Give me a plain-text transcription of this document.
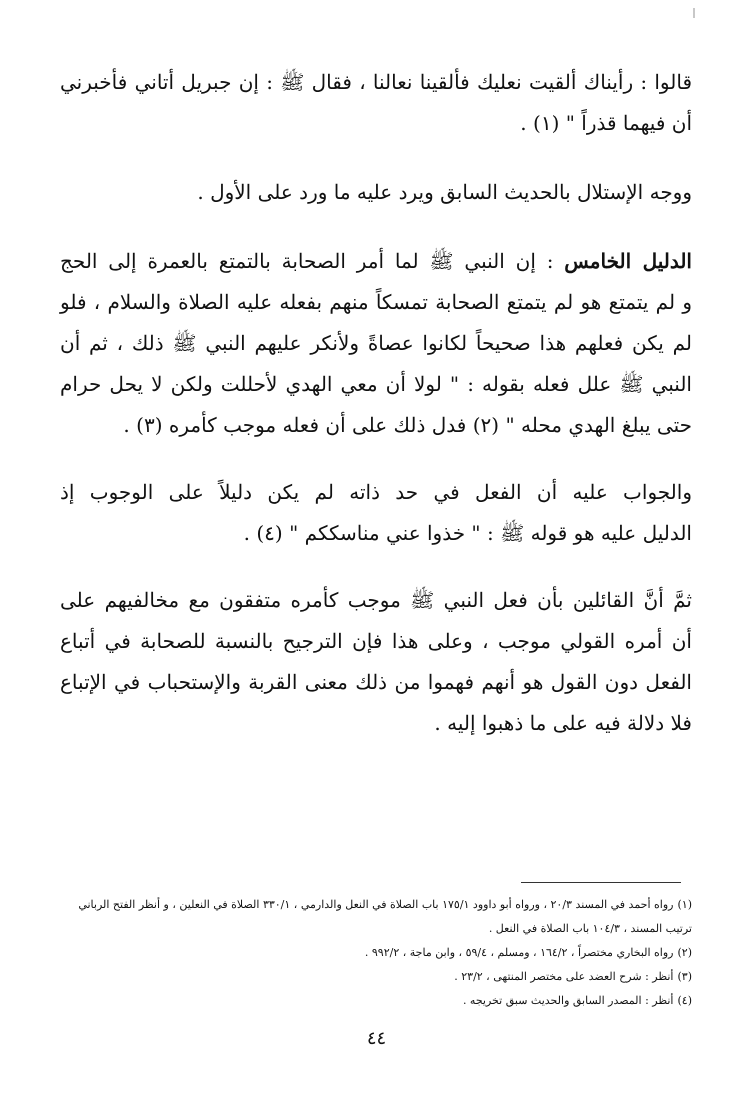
قالوا : رأيناك ألقيت نعليك فألقينا نعالنا ، فقال ﷺ : إن جبريل أتاني فأخبرني
أن فيهما قذراً " (١) .

ووجه الإستلال بالحديث السابق ويرد عليه ما ورد على الأول .

الدليل الخامس : إن النبي ﷺ لما أمر الصحابة بالتمتع بالعمرة إلى الحج
و لم يتمتع هو لم يتمتع الصحابة تمسكاً منهم بفعله عليه الصلاة والسلام ، فلو
لم يكن فعلهم هذا صحيحاً لكانوا عصاةً ولأنكر عليهم النبي ﷺ ذلك ، ثم أن
النبي ﷺ علل فعله بقوله : " لولا أن معي الهدي لأحللت ولكن لا يحل حرام
حتى يبلغ الهدي محله " (٢) فدل ذلك على أن فعله موجب كأمره (٣) .

والجواب عليه أن الفعل في حد ذاته لم يكن دليلاً على الوجوب إذ
الدليل عليه هو قوله ﷺ : " خذوا عني مناسككم " (٤) .

ثمَّ أنَّ القائلين بأن فعل النبي ﷺ موجب كأمره متفقون مع مخالفيهم على
أن أمره القولي موجب ، وعلى هذا فإن الترجيح بالنسبة للصحابة في أتباع
الفعل دون القول هو أنهم فهموا من ذلك معنى القربة والإستحباب في الإتباع
فلا دلالة فيه على ما ذهبوا إليه .

(١)رواه أحمد في المسند ٢٠/٣ ، ورواه أبو داوود ١٧٥/١ باب الصلاة في النعل والدارمي ، ٣٣٠/١ الصلاة في النعلين ، و أنظر الفتح الرباني
ترتيب المسند ، ١٠٤/٣ باب الصلاة في النعل .
(٢)رواه البخاري مختصراً ، ١٦٤/٢ ، ومسلم ، ٥٩/٤ ، وابن ماجة ، ٩٩٢/٢ .
(٣)أنظر : شرح العضد على مختصر المنتهى ، ٢٣/٢ .
(٤)أنظر : المصدر السابق والحديث سبق تخريجه .
٤٤
